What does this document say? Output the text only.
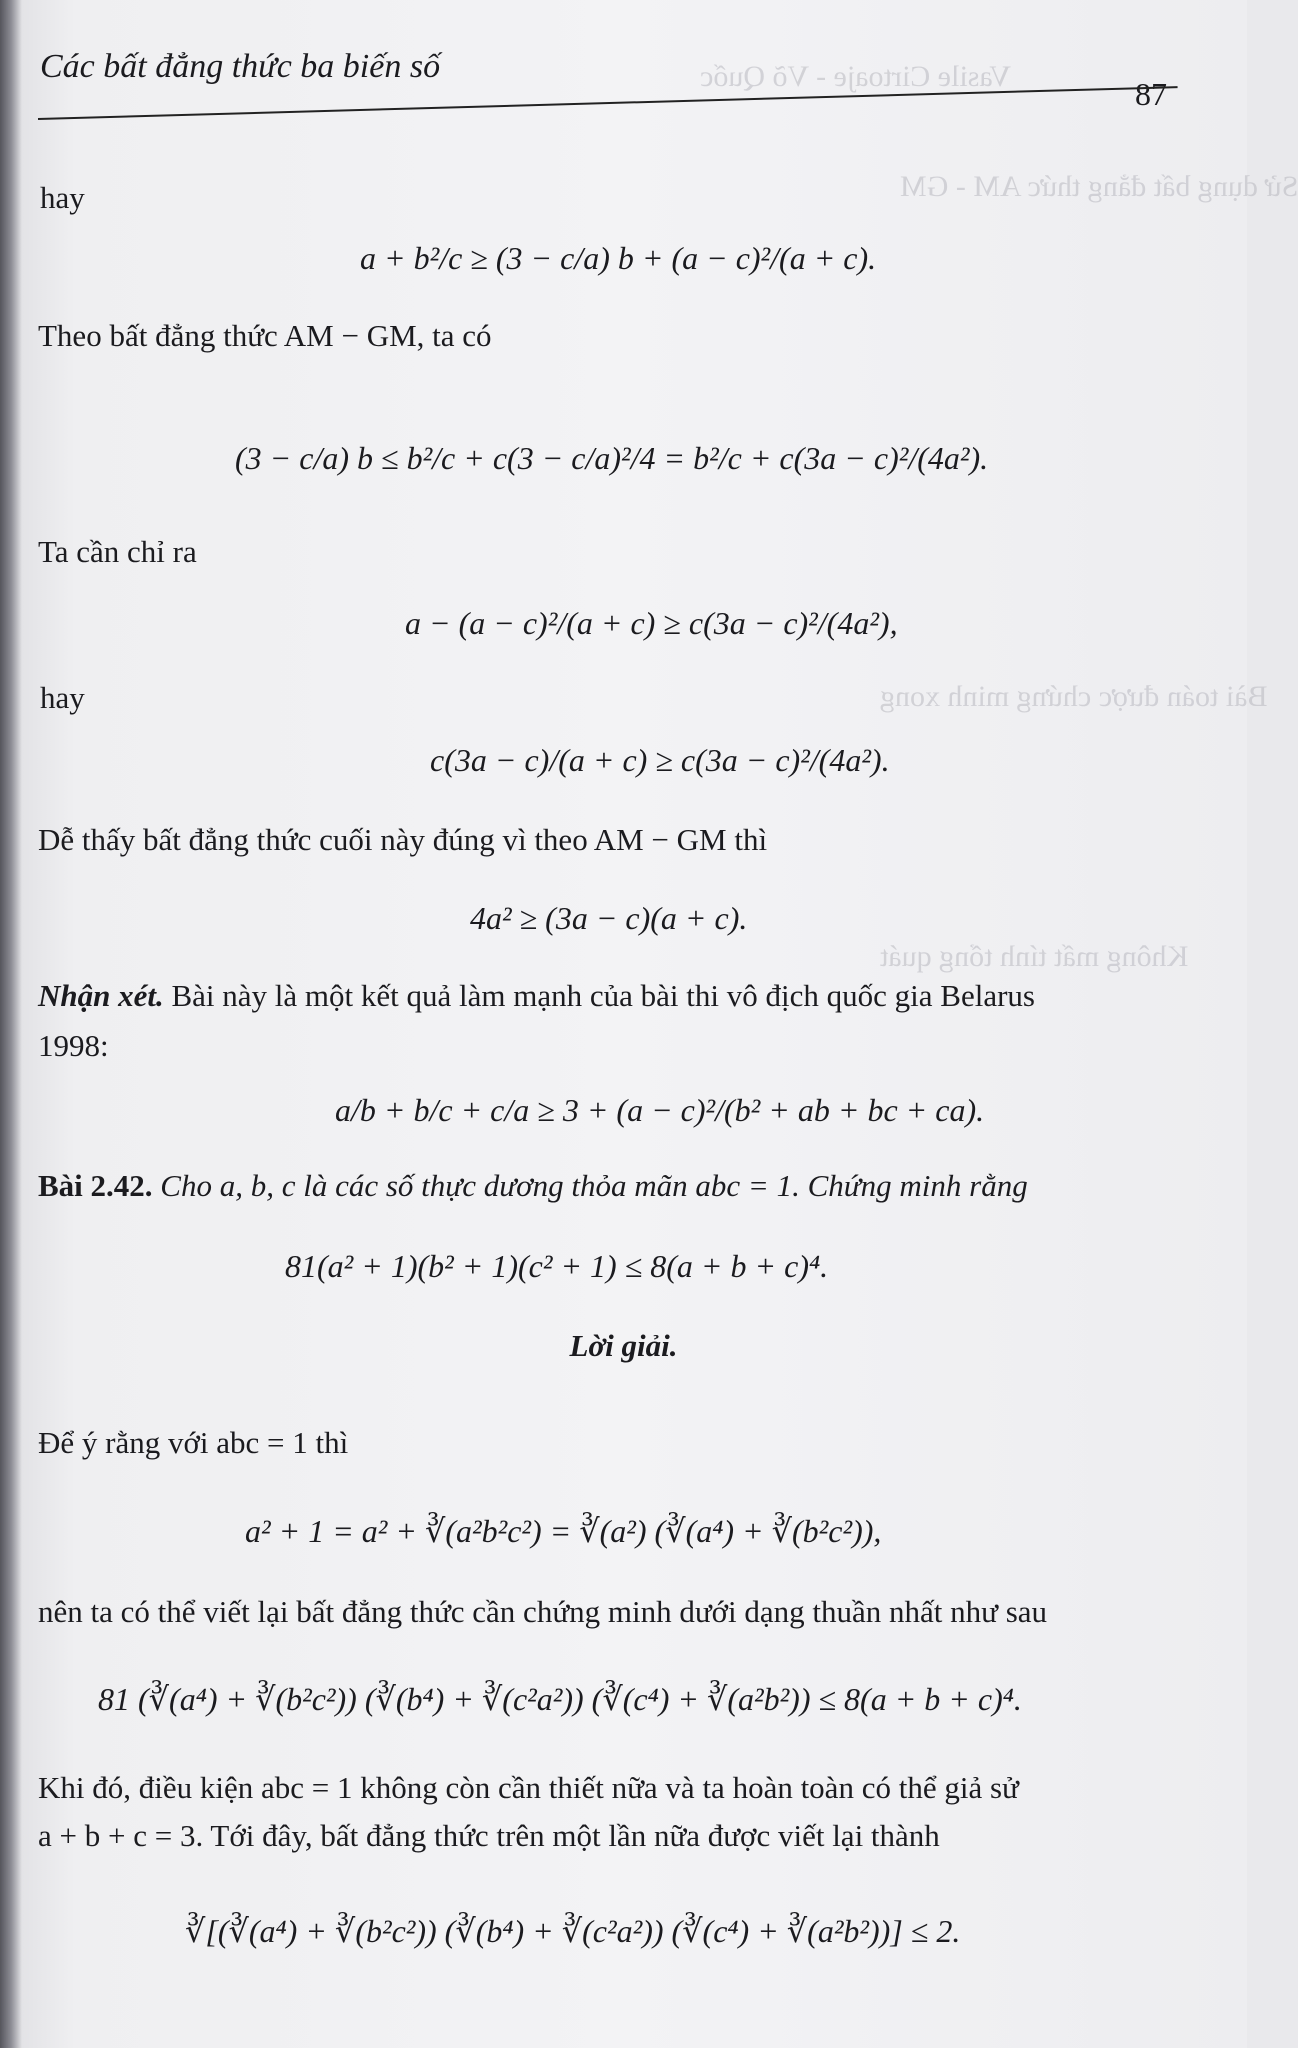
Vasile Cirtoaje - Võ Quốc
Sử dụng bất đẳng thức AM - GM
Bài toán được chứng minh xong
Không mất tính tổng quát
Các bất đẳng thức ba biến số
87
hay
a + b²/c ≥ (3 − c/a) b + (a − c)²/(a + c).
Theo bất đẳng thức AM − GM, ta có
(3 − c/a) b ≤ b²/c + c(3 − c/a)²/4 = b²/c + c(3a − c)²/(4a²).
Ta cần chỉ ra
a − (a − c)²/(a + c) ≥ c(3a − c)²/(4a²),
hay
c(3a − c)/(a + c) ≥ c(3a − c)²/(4a²).
Dễ thấy bất đẳng thức cuối này đúng vì theo AM − GM thì
4a² ≥ (3a − c)(a + c).
Nhận xét. Bài này là một kết quả làm mạnh của bài thi vô địch quốc gia Belarus
1998:
a/b + b/c + c/a ≥ 3 + (a − c)²/(b² + ab + bc + ca).
Bài 2.42. Cho a, b, c là các số thực dương thỏa mãn abc = 1. Chứng minh rằng
81(a² + 1)(b² + 1)(c² + 1) ≤ 8(a + b + c)⁴.
Lời giải.
Để ý rằng với abc = 1 thì
a² + 1 = a² + ∛(a²b²c²) = ∛(a²) (∛(a⁴) + ∛(b²c²)),
nên ta có thể viết lại bất đẳng thức cần chứng minh dưới dạng thuần nhất như sau
81 (∛(a⁴) + ∛(b²c²)) (∛(b⁴) + ∛(c²a²)) (∛(c⁴) + ∛(a²b²)) ≤ 8(a + b + c)⁴.
Khi đó, điều kiện abc = 1 không còn cần thiết nữa và ta hoàn toàn có thể giả sử
a + b + c = 3. Tới đây, bất đẳng thức trên một lần nữa được viết lại thành
∛[(∛(a⁴) + ∛(b²c²)) (∛(b⁴) + ∛(c²a²)) (∛(c⁴) + ∛(a²b²))] ≤ 2.
